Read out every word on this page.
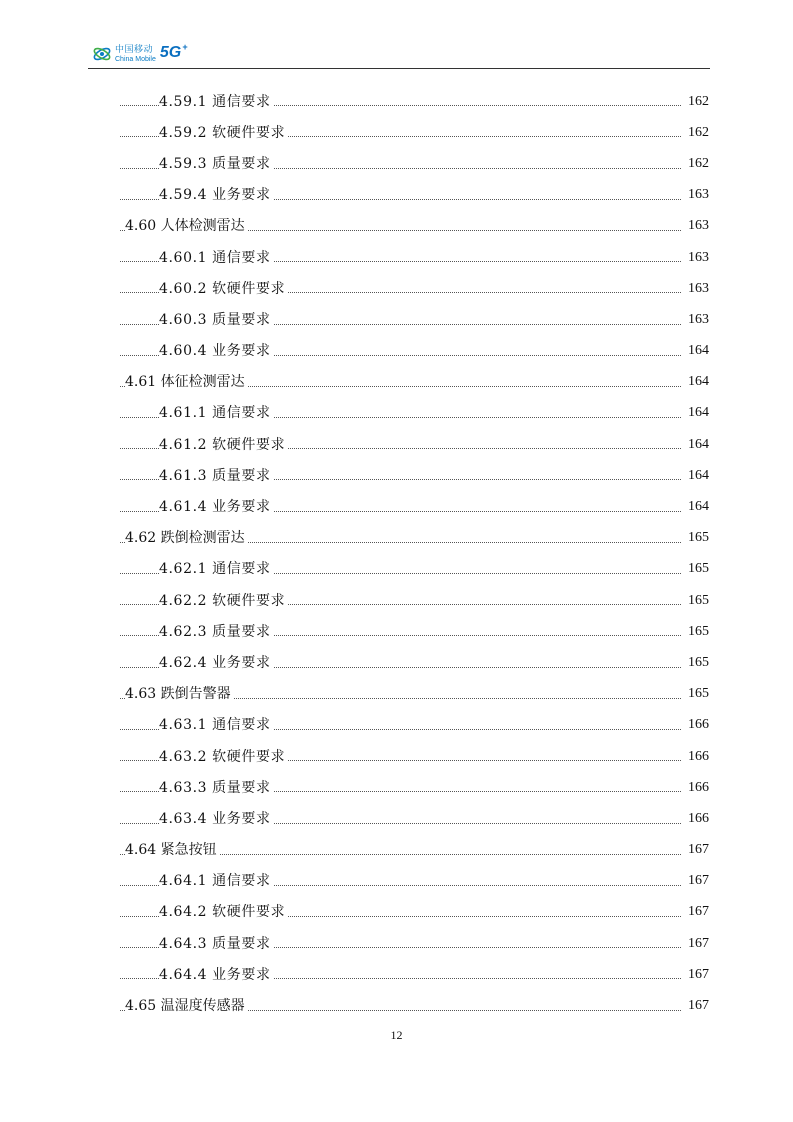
中国移动
China Mobile 5G+
4.59.1 通信要求	162
4.59.2 软硬件要求	162
4.59.3 质量要求	162
4.59.4 业务要求	163
4.60 人体检测雷达	163
4.60.1 通信要求	163
4.60.2 软硬件要求	163
4.60.3 质量要求	163
4.60.4 业务要求	164
4.61 体征检测雷达	164
4.61.1 通信要求	164
4.61.2 软硬件要求	164
4.61.3 质量要求	164
4.61.4 业务要求	164
4.62 跌倒检测雷达	165
4.62.1 通信要求	165
4.62.2 软硬件要求	165
4.62.3 质量要求	165
4.62.4 业务要求	165
4.63 跌倒告警器	165
4.63.1 通信要求	166
4.63.2 软硬件要求	166
4.63.3 质量要求	166
4.63.4 业务要求	166
4.64 紧急按钮	167
4.64.1 通信要求	167
4.64.2 软硬件要求	167
4.64.3 质量要求	167
4.64.4 业务要求	167
4.65 温湿度传感器	167
12
